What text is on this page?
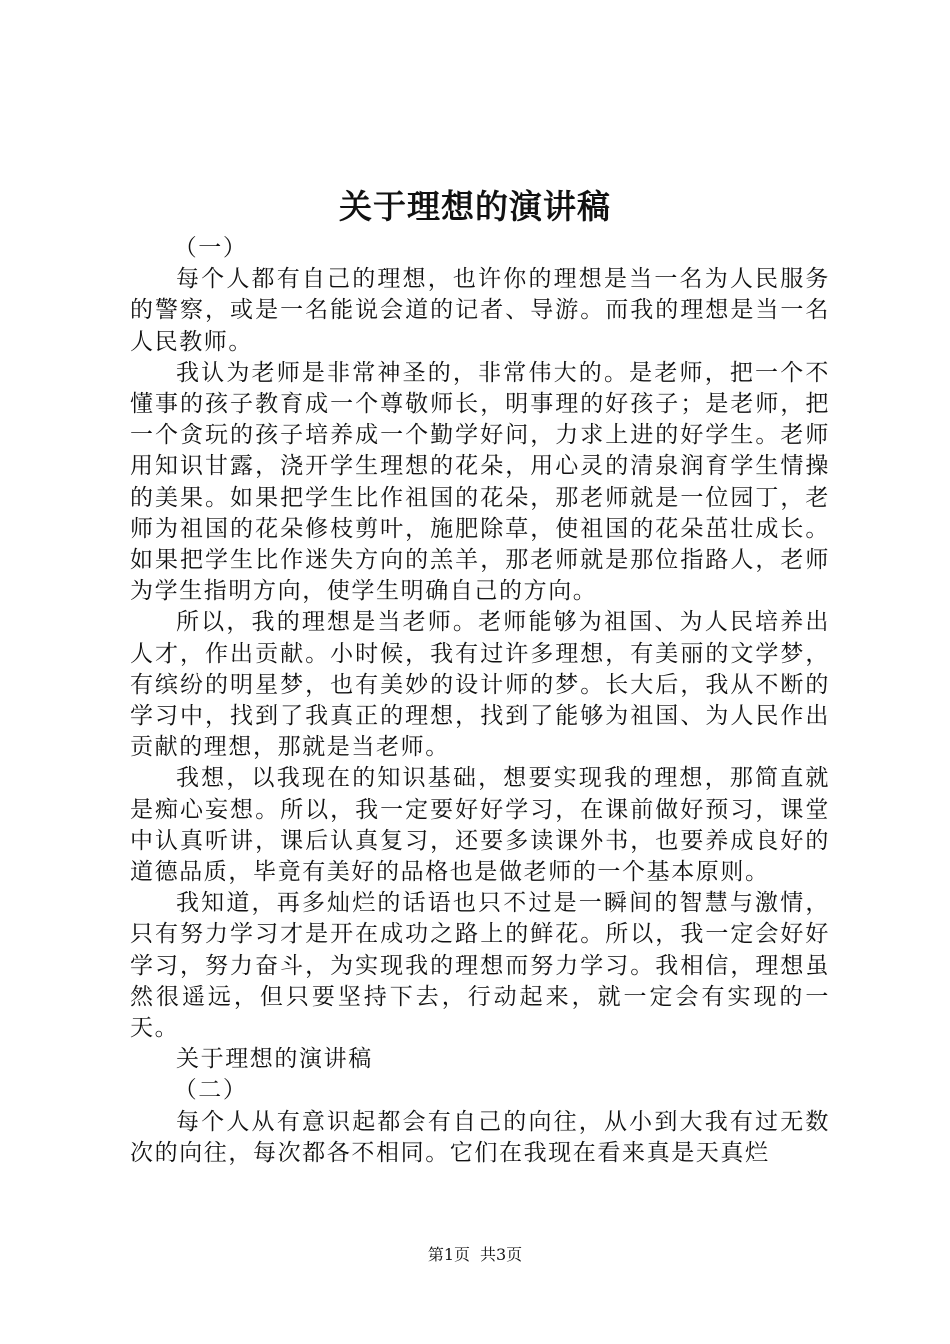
关于理想的演讲稿

（一）

每个人都有自己的理想，也许你的理想是当一名为人民服务的警察，或是一名能说会道的记者、导游。而我的理想是当一名人民教师。

我认为老师是非常神圣的，非常伟大的。是老师，把一个不懂事的孩子教育成一个尊敬师长，明事理的好孩子；是老师，把一个贪玩的孩子培养成一个勤学好问，力求上进的好学生。老师用知识甘露，浇开学生理想的花朵，用心灵的清泉润育学生情操的美果。如果把学生比作祖国的花朵，那老师就是一位园丁，老师为祖国的花朵修枝剪叶，施肥除草，使祖国的花朵茁壮成长。如果把学生比作迷失方向的羔羊，那老师就是那位指路人，老师为学生指明方向，使学生明确自己的方向。

所以，我的理想是当老师。老师能够为祖国、为人民培养出人才，作出贡献。小时候，我有过许多理想，有美丽的文学梦，有缤纷的明星梦，也有美妙的设计师的梦。长大后，我从不断的学习中，找到了我真正的理想，找到了能够为祖国、为人民作出贡献的理想，那就是当老师。

我想，以我现在的知识基础，想要实现我的理想，那简直就是痴心妄想。所以，我一定要好好学习，在课前做好预习，课堂中认真听讲，课后认真复习，还要多读课外书，也要养成良好的道德品质，毕竟有美好的品格也是做老师的一个基本原则。

我知道，再多灿烂的话语也只不过是一瞬间的智慧与激情，只有努力学习才是开在成功之路上的鲜花。所以，我一定会好好学习，努力奋斗，为实现我的理想而努力学习。我相信，理想虽然很遥远，但只要坚持下去，行动起来，就一定会有实现的一天。

关于理想的演讲稿

（二）

每个人从有意识起都会有自己的向往，从小到大我有过无数次的向往，每次都各不相同。它们在我现在看来真是天真烂

第1页 共3页
